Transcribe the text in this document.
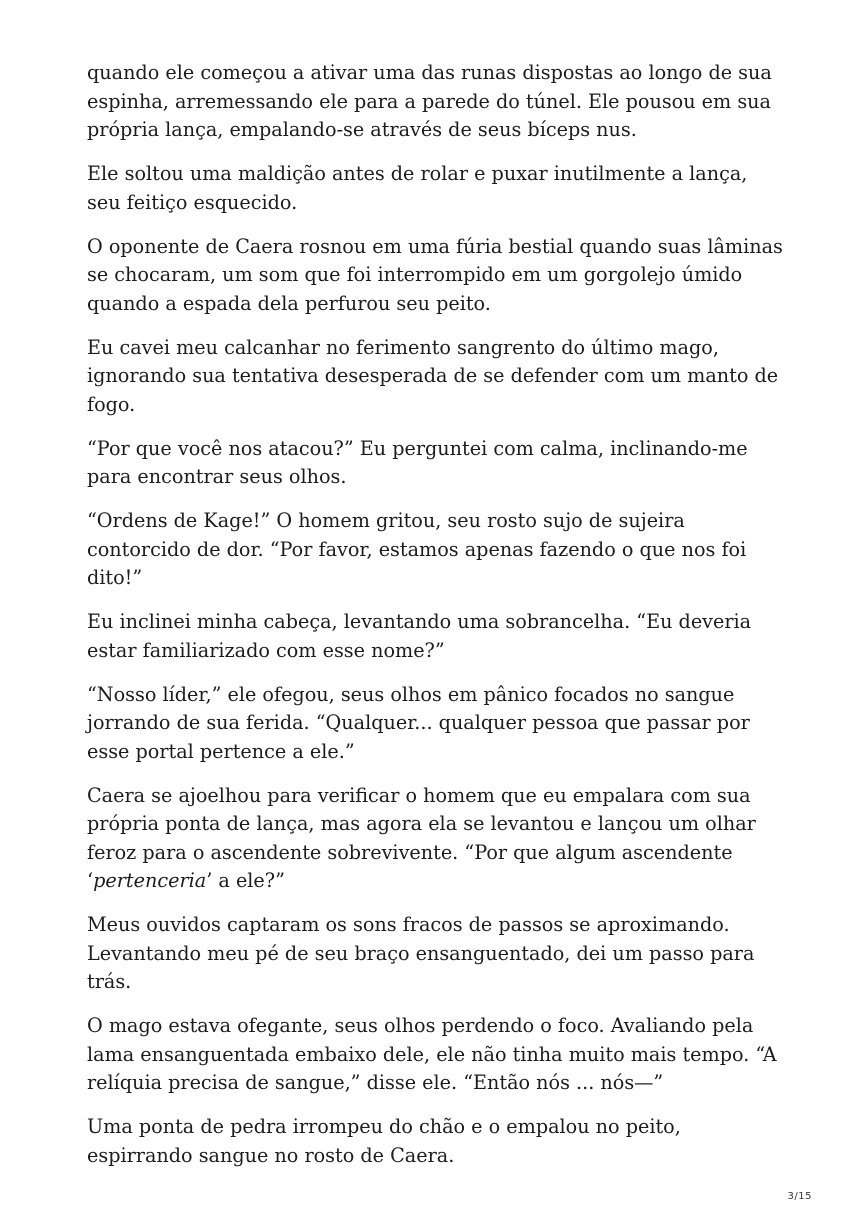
quando ele começou a ativar uma das runas dispostas ao longo de sua espinha, arremessando ele para a parede do túnel. Ele pousou em sua própria lança, empalando-se através de seus bíceps nus.

Ele soltou uma maldição antes de rolar e puxar inutilmente a lança, seu feitiço esquecido.

O oponente de Caera rosnou em uma fúria bestial quando suas lâminas se chocaram, um som que foi interrompido em um gorgolejo úmido quando a espada dela perfurou seu peito.

Eu cavei meu calcanhar no ferimento sangrento do último mago, ignorando sua tentativa desesperada de se defender com um manto de fogo.

“Por que você nos atacou?” Eu perguntei com calma, inclinando-me para encontrar seus olhos.

“Ordens de Kage!” O homem gritou, seu rosto sujo de sujeira contorcido de dor. “Por favor, estamos apenas fazendo o que nos foi dito!”

Eu inclinei minha cabeça, levantando uma sobrancelha. “Eu deveria estar familiarizado com esse nome?”

“Nosso líder,” ele ofegou, seus olhos em pânico focados no sangue jorrando de sua ferida. “Qualquer... qualquer pessoa que passar por esse portal pertence a ele.”

Caera se ajoelhou para verificar o homem que eu empalara com sua própria ponta de lança, mas agora ela se levantou e lançou um olhar feroz para o ascendente sobrevivente. “Por que algum ascendente ‘pertenceria’ a ele?”

Meus ouvidos captaram os sons fracos de passos se aproximando. Levantando meu pé de seu braço ensanguentado, dei um passo para trás.

O mago estava ofegante, seus olhos perdendo o foco. Avaliando pela lama ensanguentada embaixo dele, ele não tinha muito mais tempo. “A relíquia precisa de sangue,” disse ele. “Então nós ... nós—”

Uma ponta de pedra irrompeu do chão e o empalou no peito, espirrando sangue no rosto de Caera.

3/15
